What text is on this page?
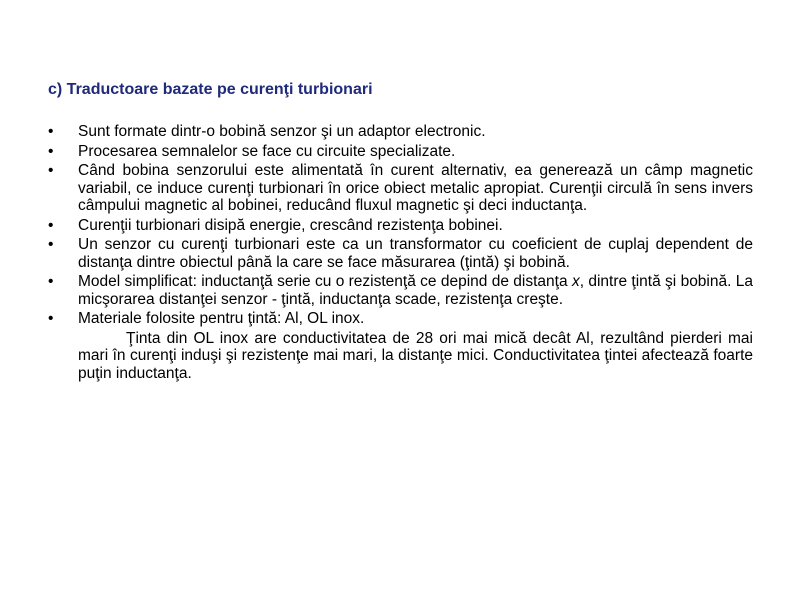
c) Traductoare bazate pe curenţi turbionari
•	Sunt formate dintr-o bobină senzor şi un adaptor electronic.
•	Procesarea semnalelor se face cu circuite specializate.
•	Când bobina senzorului este alimentată în curent alternativ, ea generează un câmp magnetic variabil, ce induce curenţi turbionari în orice obiect metalic apropiat. Curenţii circulă în sens invers câmpului magnetic al bobinei, reducând fluxul magnetic şi deci inductanţa.
•	Curenţii turbionari disipă energie, crescând rezistenţa bobinei.
•	Un senzor cu curenţi turbionari este ca un transformator cu coeficient de cuplaj dependent de distanţa dintre obiectul până la care se face măsurarea (ţintă) şi bobină.
•	Model simplificat: inductanţă serie cu o rezistenţă ce depind de distanţa x, dintre ţintă şi bobină. La micşorarea distanţei senzor - ţintă, inductanţa scade, rezistenţa creşte.
•	Materiale folosite pentru ţintă: Al, OL inox.
Ţinta din OL inox are conductivitatea de 28 ori mai mică decât Al, rezultând pierderi mai mari în curenţi induşi şi rezistenţe mai mari, la distanţe mici. Conductivitatea ţintei afectează foarte puţin inductanţa.
